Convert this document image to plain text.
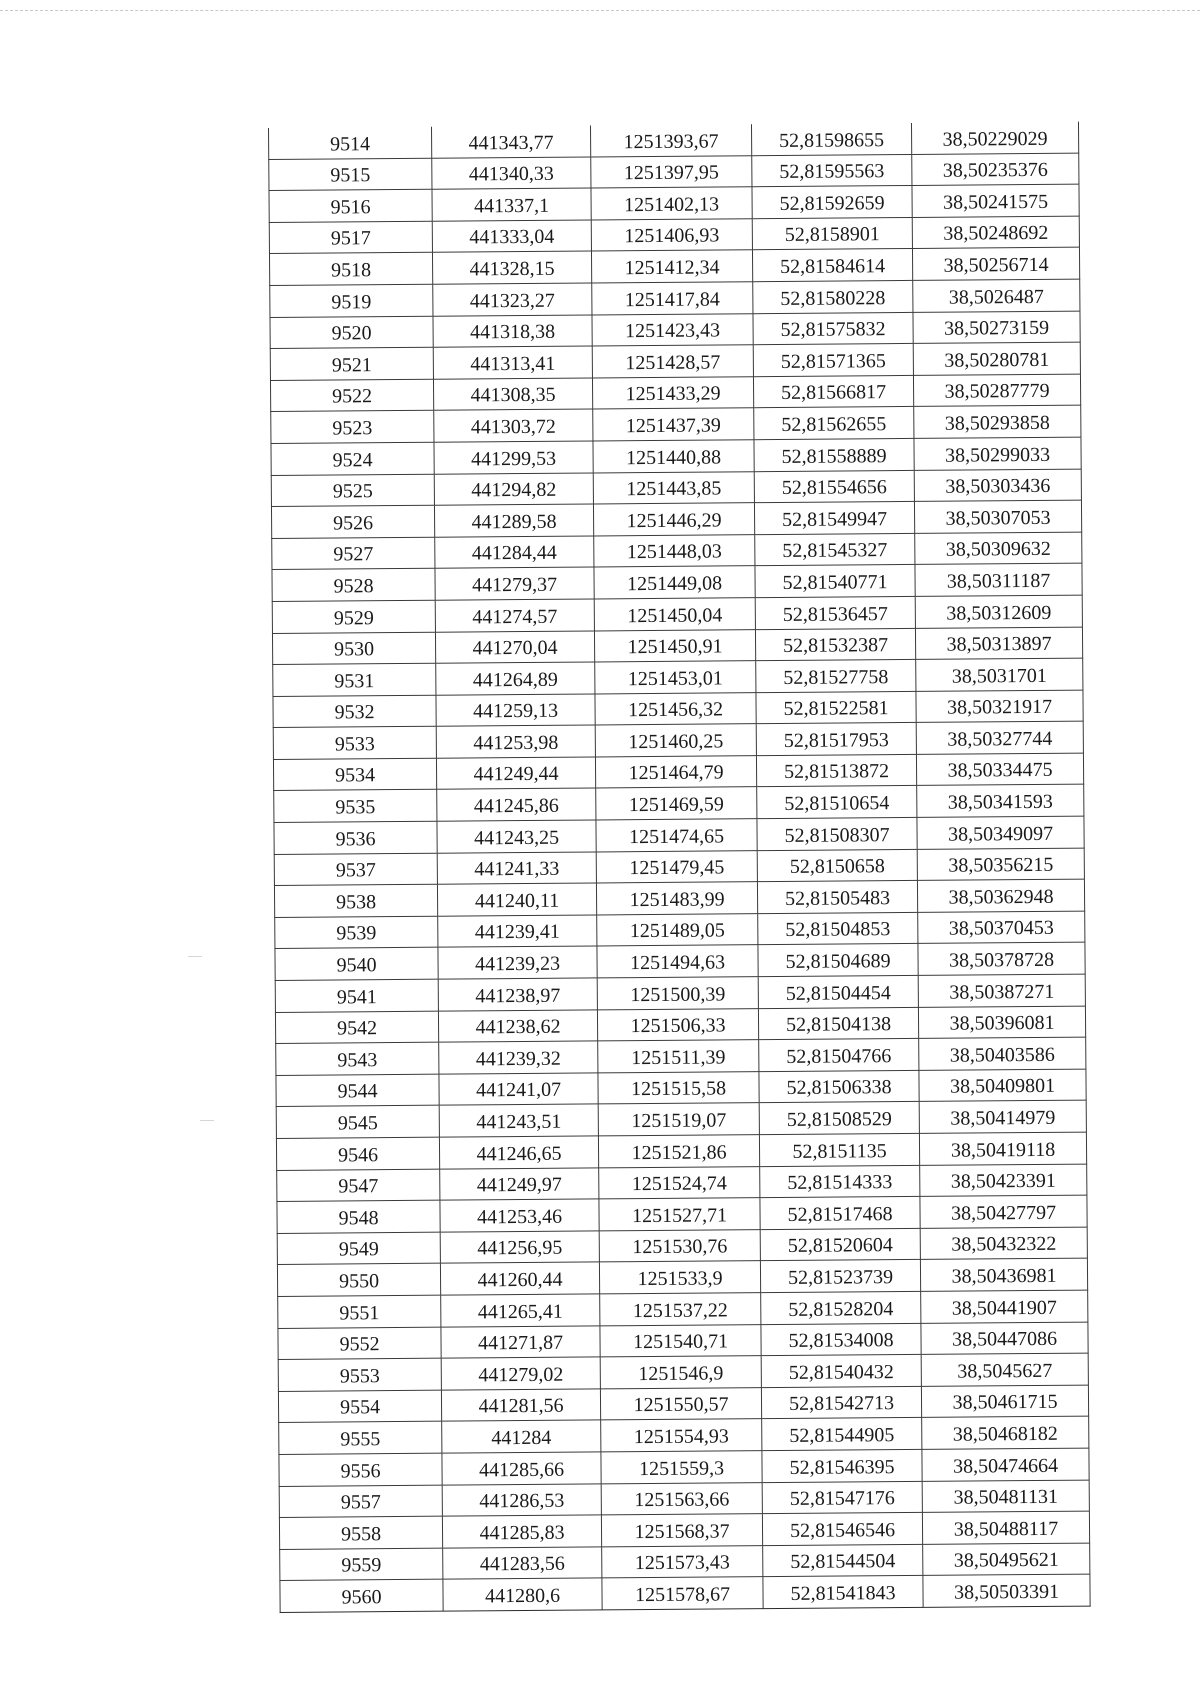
9514	441343,77	1251393,67	52,81598655	38,50229029
9515	441340,33	1251397,95	52,81595563	38,50235376
9516	441337,1	1251402,13	52,81592659	38,50241575
9517	441333,04	1251406,93	52,8158901	38,50248692
9518	441328,15	1251412,34	52,81584614	38,50256714
9519	441323,27	1251417,84	52,81580228	38,5026487
9520	441318,38	1251423,43	52,81575832	38,50273159
9521	441313,41	1251428,57	52,81571365	38,50280781
9522	441308,35	1251433,29	52,81566817	38,50287779
9523	441303,72	1251437,39	52,81562655	38,50293858
9524	441299,53	1251440,88	52,81558889	38,50299033
9525	441294,82	1251443,85	52,81554656	38,50303436
9526	441289,58	1251446,29	52,81549947	38,50307053
9527	441284,44	1251448,03	52,81545327	38,50309632
9528	441279,37	1251449,08	52,81540771	38,50311187
9529	441274,57	1251450,04	52,81536457	38,50312609
9530	441270,04	1251450,91	52,81532387	38,50313897
9531	441264,89	1251453,01	52,81527758	38,5031701
9532	441259,13	1251456,32	52,81522581	38,50321917
9533	441253,98	1251460,25	52,81517953	38,50327744
9534	441249,44	1251464,79	52,81513872	38,50334475
9535	441245,86	1251469,59	52,81510654	38,50341593
9536	441243,25	1251474,65	52,81508307	38,50349097
9537	441241,33	1251479,45	52,8150658	38,50356215
9538	441240,11	1251483,99	52,81505483	38,50362948
9539	441239,41	1251489,05	52,81504853	38,50370453
9540	441239,23	1251494,63	52,81504689	38,50378728
9541	441238,97	1251500,39	52,81504454	38,50387271
9542	441238,62	1251506,33	52,81504138	38,50396081
9543	441239,32	1251511,39	52,81504766	38,50403586
9544	441241,07	1251515,58	52,81506338	38,50409801
9545	441243,51	1251519,07	52,81508529	38,50414979
9546	441246,65	1251521,86	52,8151135	38,50419118
9547	441249,97	1251524,74	52,81514333	38,50423391
9548	441253,46	1251527,71	52,81517468	38,50427797
9549	441256,95	1251530,76	52,81520604	38,50432322
9550	441260,44	1251533,9	52,81523739	38,50436981
9551	441265,41	1251537,22	52,81528204	38,50441907
9552	441271,87	1251540,71	52,81534008	38,50447086
9553	441279,02	1251546,9	52,81540432	38,5045627
9554	441281,56	1251550,57	52,81542713	38,50461715
9555	441284	1251554,93	52,81544905	38,50468182
9556	441285,66	1251559,3	52,81546395	38,50474664
9557	441286,53	1251563,66	52,81547176	38,50481131
9558	441285,83	1251568,37	52,81546546	38,50488117
9559	441283,56	1251573,43	52,81544504	38,50495621
9560	441280,6	1251578,67	52,81541843	38,50503391
